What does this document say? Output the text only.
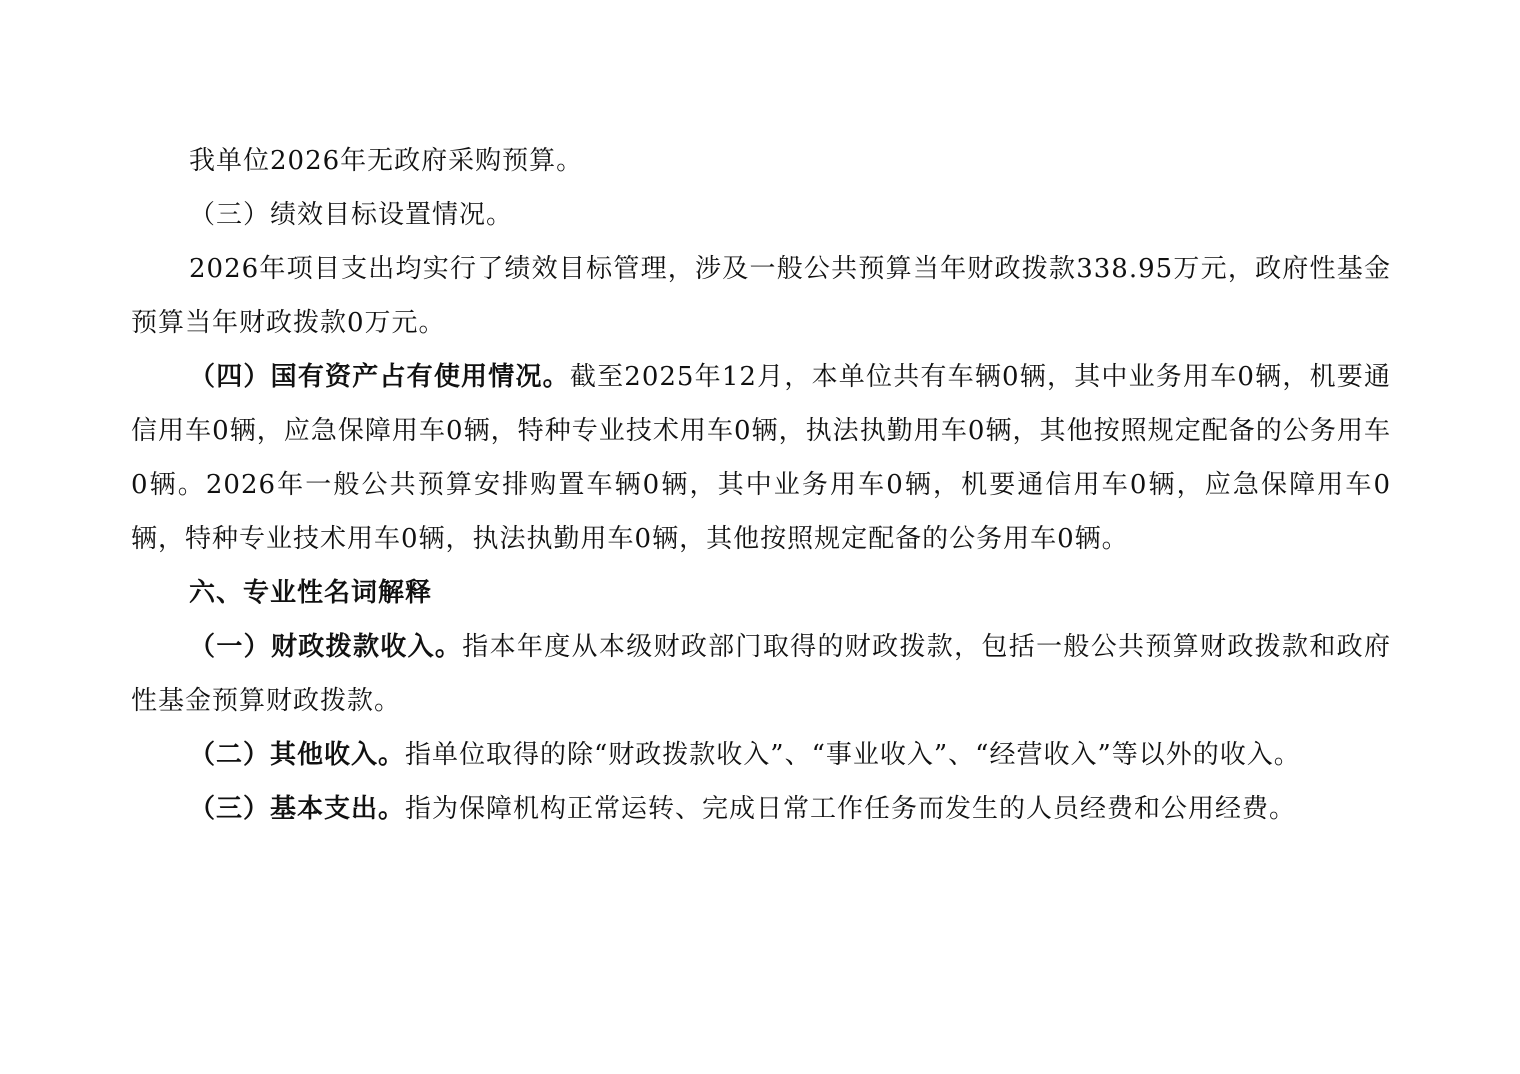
我单位2026年无政府采购预算。

（三）绩效目标设置情况。

2026年项目支出均实行了绩效目标管理，涉及一般公共预算当年财政拨款338.95万元，政府性基金预算当年财政拨款0万元。

（四）国有资产占有使用情况。截至2025年12月，本单位共有车辆0辆，其中业务用车0辆，机要通信用车0辆，应急保障用车0辆，特种专业技术用车0辆，执法执勤用车0辆，其他按照规定配备的公务用车0辆。2026年一般公共预算安排购置车辆0辆，其中业务用车0辆，机要通信用车0辆，应急保障用车0辆，特种专业技术用车0辆，执法执勤用车0辆，其他按照规定配备的公务用车0辆。

六、专业性名词解释

（一）财政拨款收入。指本年度从本级财政部门取得的财政拨款，包括一般公共预算财政拨款和政府性基金预算财政拨款。

（二）其他收入。指单位取得的除“财政拨款收入”、“事业收入”、“经营收入”等以外的收入。

（三）基本支出。指为保障机构正常运转、完成日常工作任务而发生的人员经费和公用经费。
